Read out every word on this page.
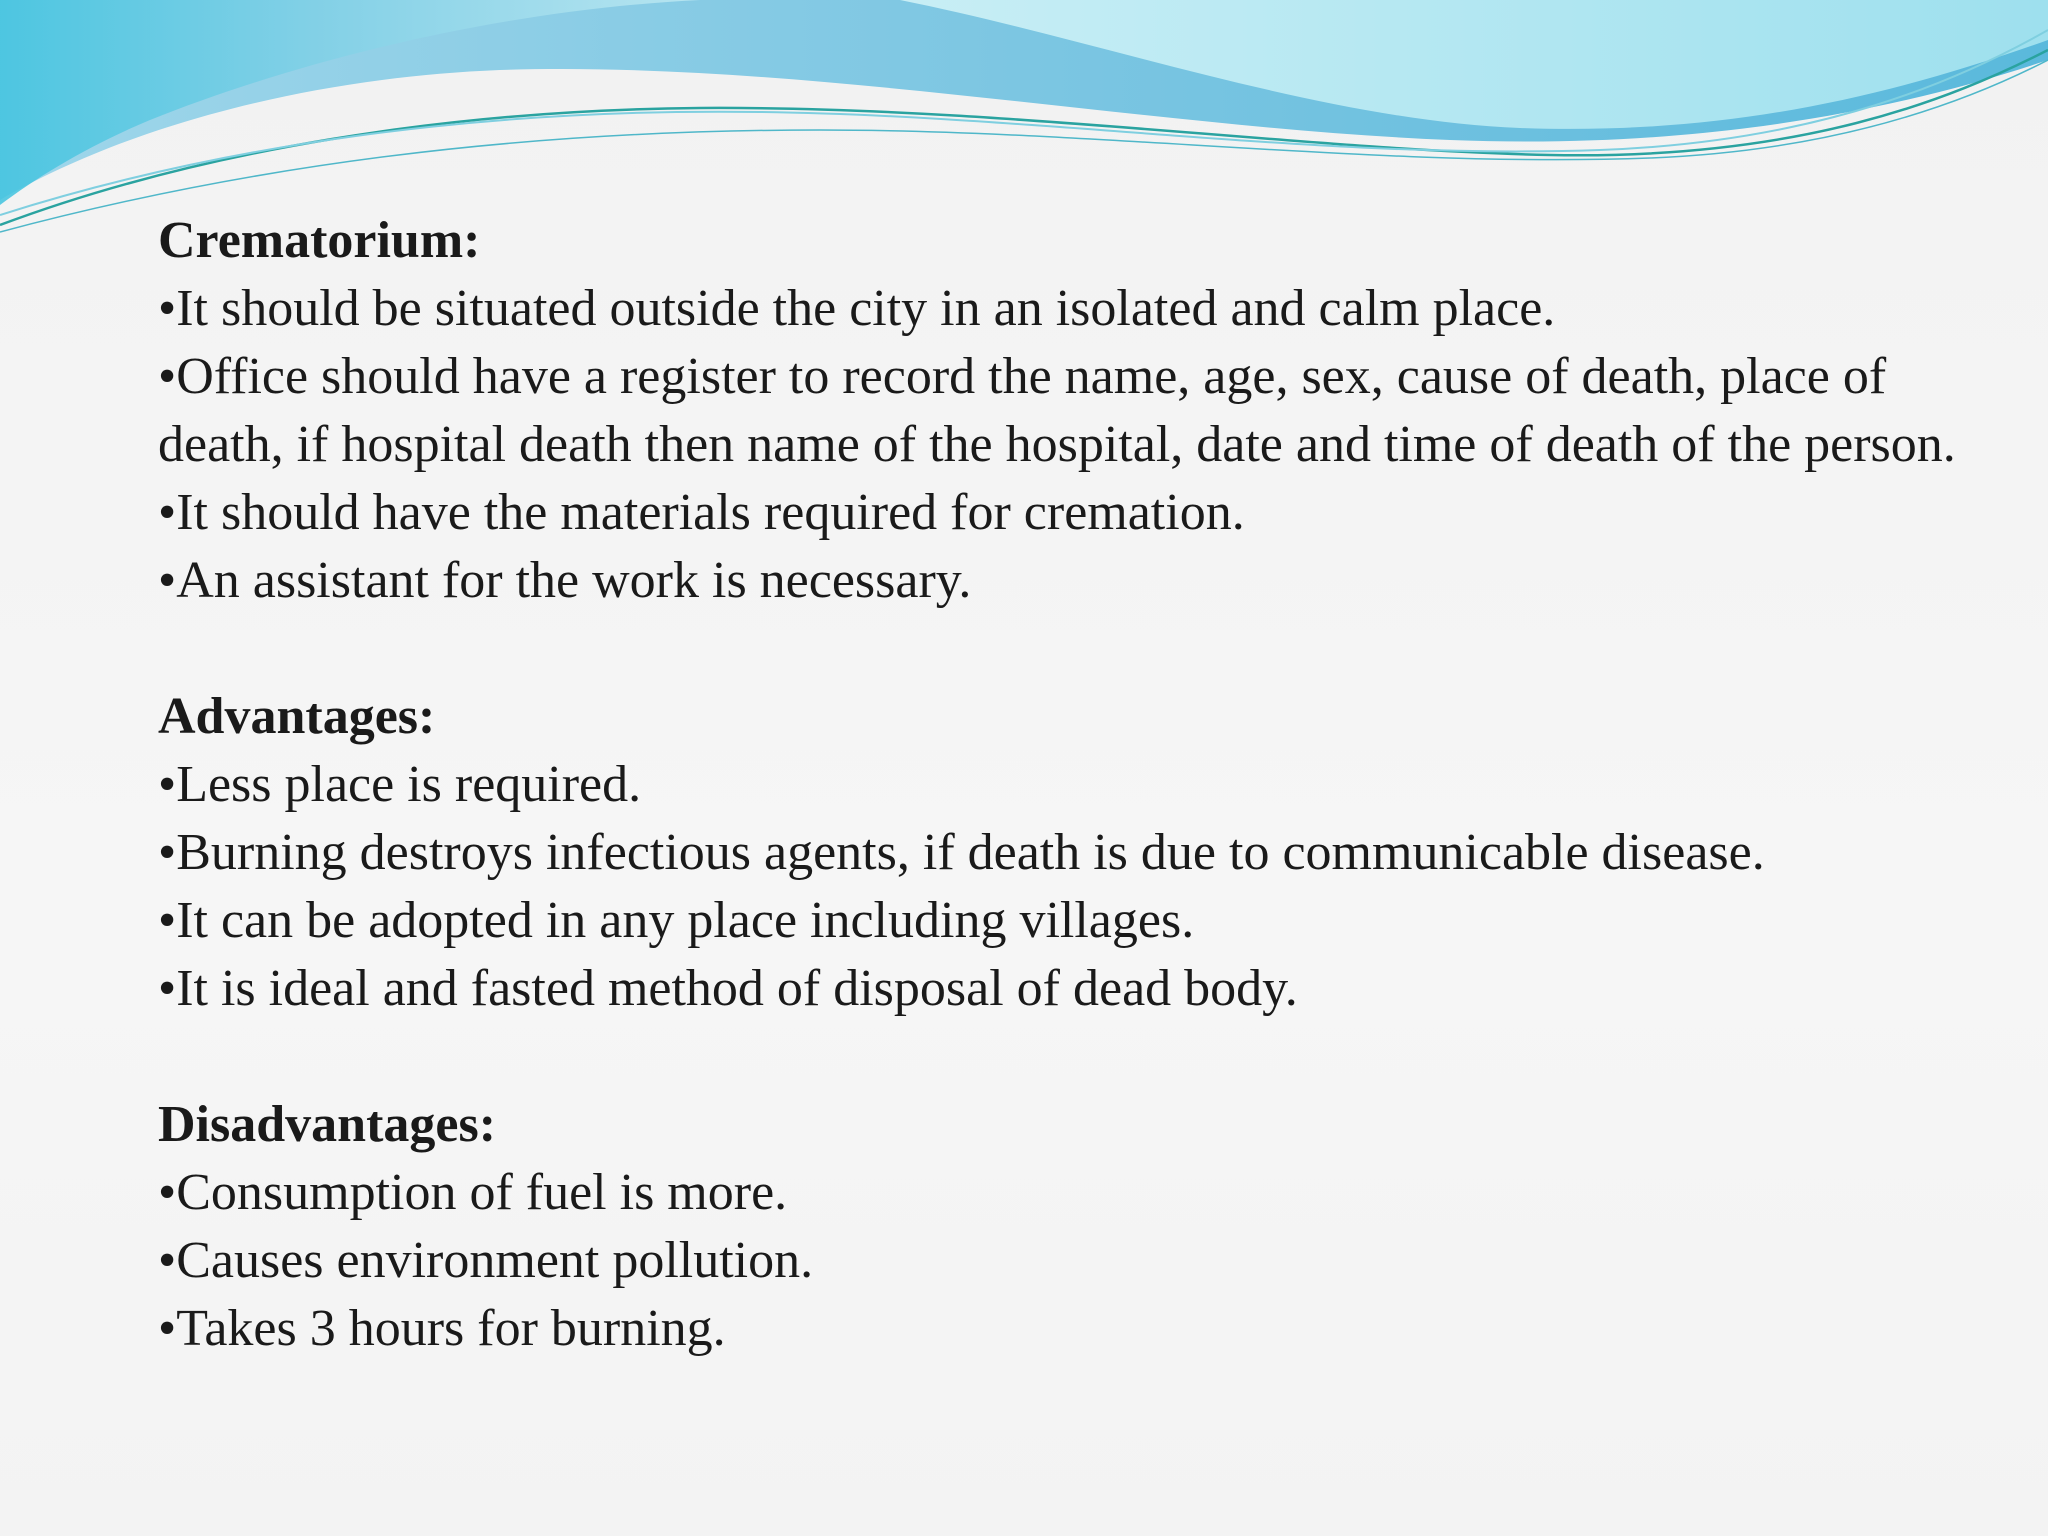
Crematorium:

•It should be situated outside the city in an isolated and calm place.

•Office should have a register to record the name, age, sex, cause of death, place of death, if hospital death then name of the hospital, date and time of death of the person.

•It should have the materials required for cremation.

•An assistant for the work is necessary.

Advantages:

•Less place is required.

•Burning destroys infectious agents, if death is due to communicable disease.

•It can be adopted in any place including villages.

•It is ideal and fasted method of disposal of dead body.

Disadvantages:

•Consumption of fuel is more.

•Causes environment pollution.

•Takes 3 hours for burning.
